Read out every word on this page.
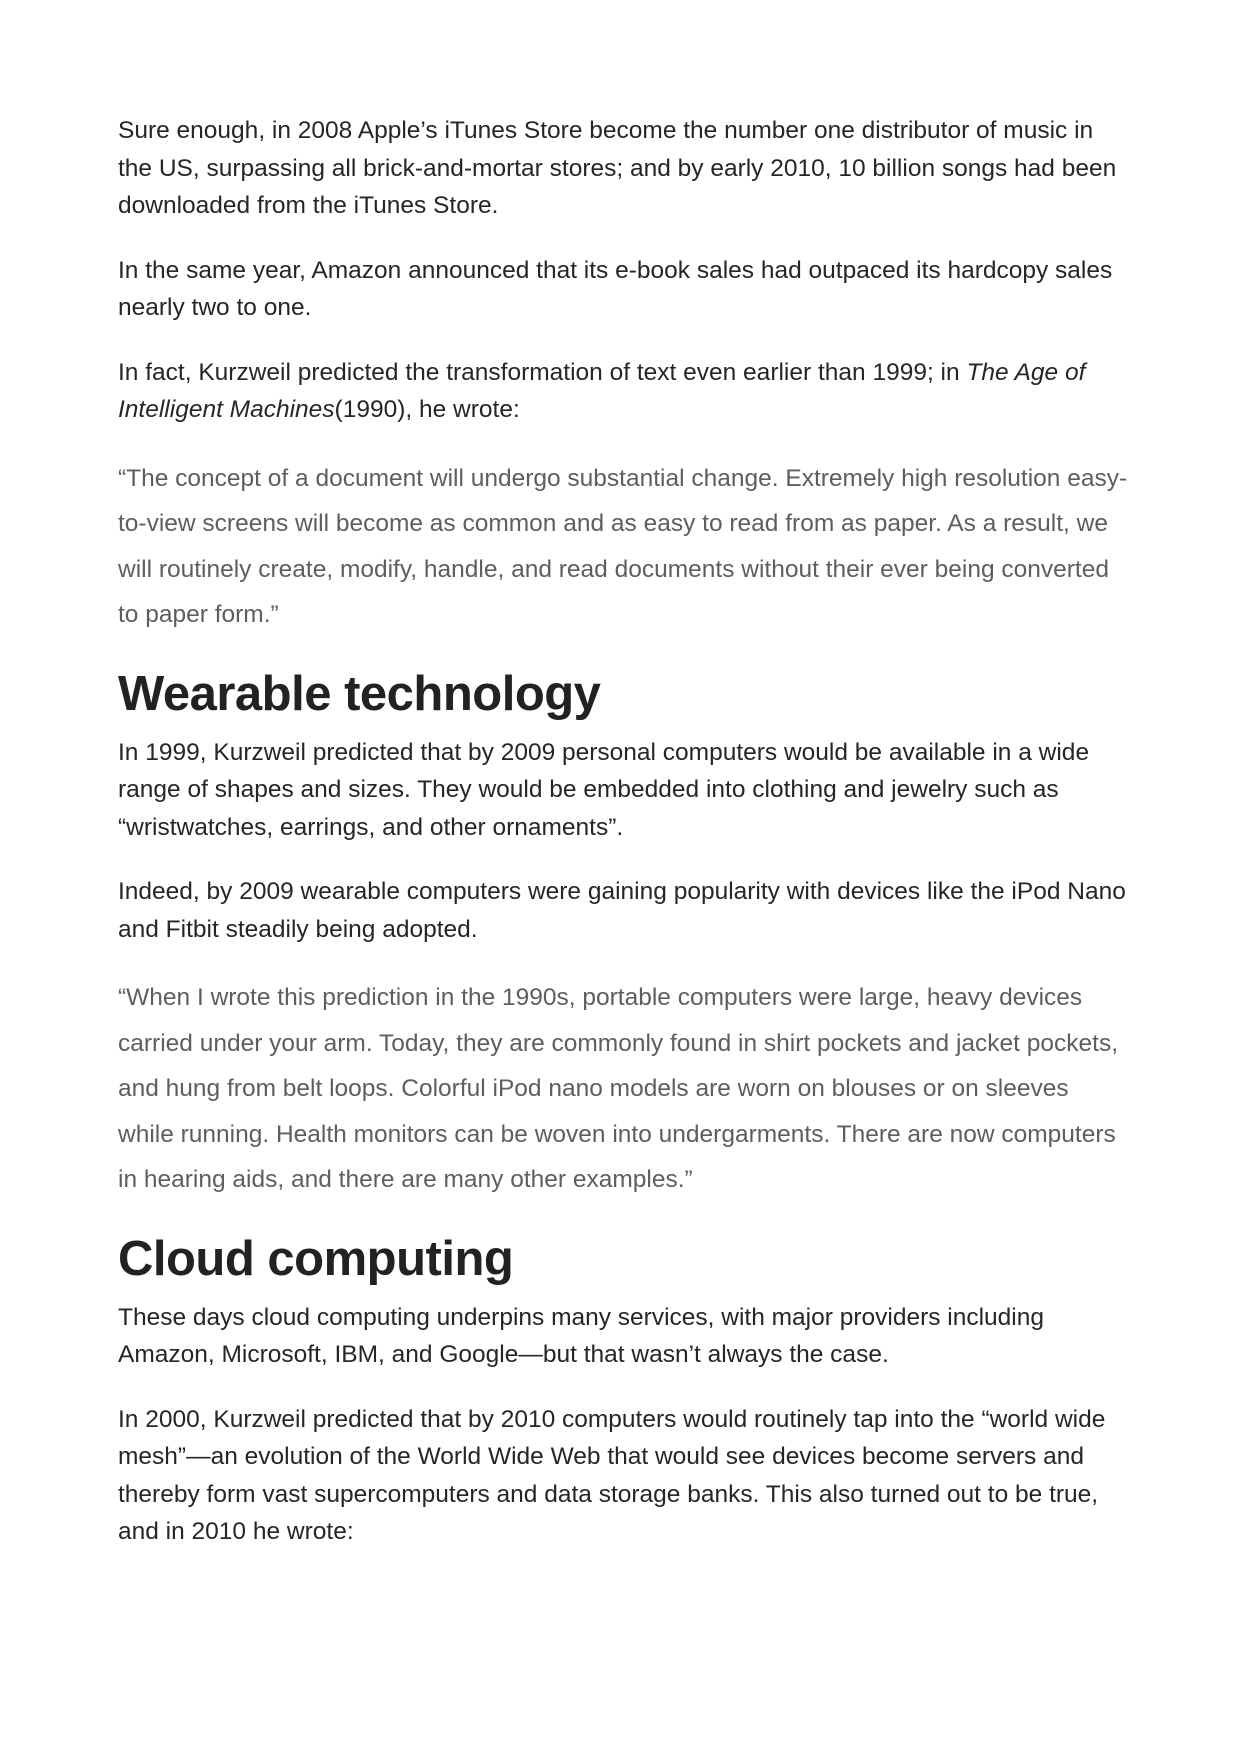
Sure enough, in 2008 Apple’s iTunes Store become the number one distributor of music in the US, surpassing all brick-and-mortar stores; and by early 2010, 10 billion songs had been downloaded from the iTunes Store.

In the same year, Amazon announced that its e-book sales had outpaced its hardcopy sales nearly two to one.

In fact, Kurzweil predicted the transformation of text even earlier than 1999; in The Age of Intelligent Machines(1990), he wrote:

“The concept of a document will undergo substantial change. Extremely high resolution easy-to-view screens will become as common and as easy to read from as paper. As a result, we will routinely create, modify, handle, and read documents without their ever being converted to paper form.”

Wearable technology

In 1999, Kurzweil predicted that by 2009 personal computers would be available in a wide range of shapes and sizes. They would be embedded into clothing and jewelry such as “wristwatches, earrings, and other ornaments”.

Indeed, by 2009 wearable computers were gaining popularity with devices like the iPod Nano and Fitbit steadily being adopted.

“When I wrote this prediction in the 1990s, portable computers were large, heavy devices carried under your arm. Today, they are commonly found in shirt pockets and jacket pockets, and hung from belt loops. Colorful iPod nano models are worn on blouses or on sleeves while running. Health monitors can be woven into undergarments. There are now computers in hearing aids, and there are many other examples.”

Cloud computing

These days cloud computing underpins many services, with major providers including Amazon, Microsoft, IBM, and Google—but that wasn’t always the case.

In 2000, Kurzweil predicted that by 2010 computers would routinely tap into the “world wide mesh”—an evolution of the World Wide Web that would see devices become servers and thereby form vast supercomputers and data storage banks. This also turned out to be true, and in 2010 he wrote:
